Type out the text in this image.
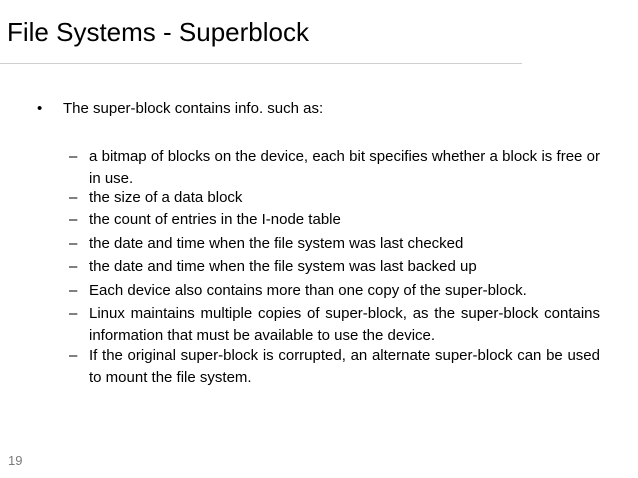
File Systems - Superblock
• The super-block contains info. such as:
– a bitmap of blocks on the device, each bit specifies whether a block is free or in use.
– the size of a data block
– the count of entries in the I-node table
– the date and time when the file system was last checked
– the date and time when the file system was last backed up
– Each device also contains more than one copy of the super-block.
– Linux maintains multiple copies of super-block, as the super-block contains information that must be available to use the device.
– If the original super-block is corrupted, an alternate super-block can be used to mount the file system.
19
